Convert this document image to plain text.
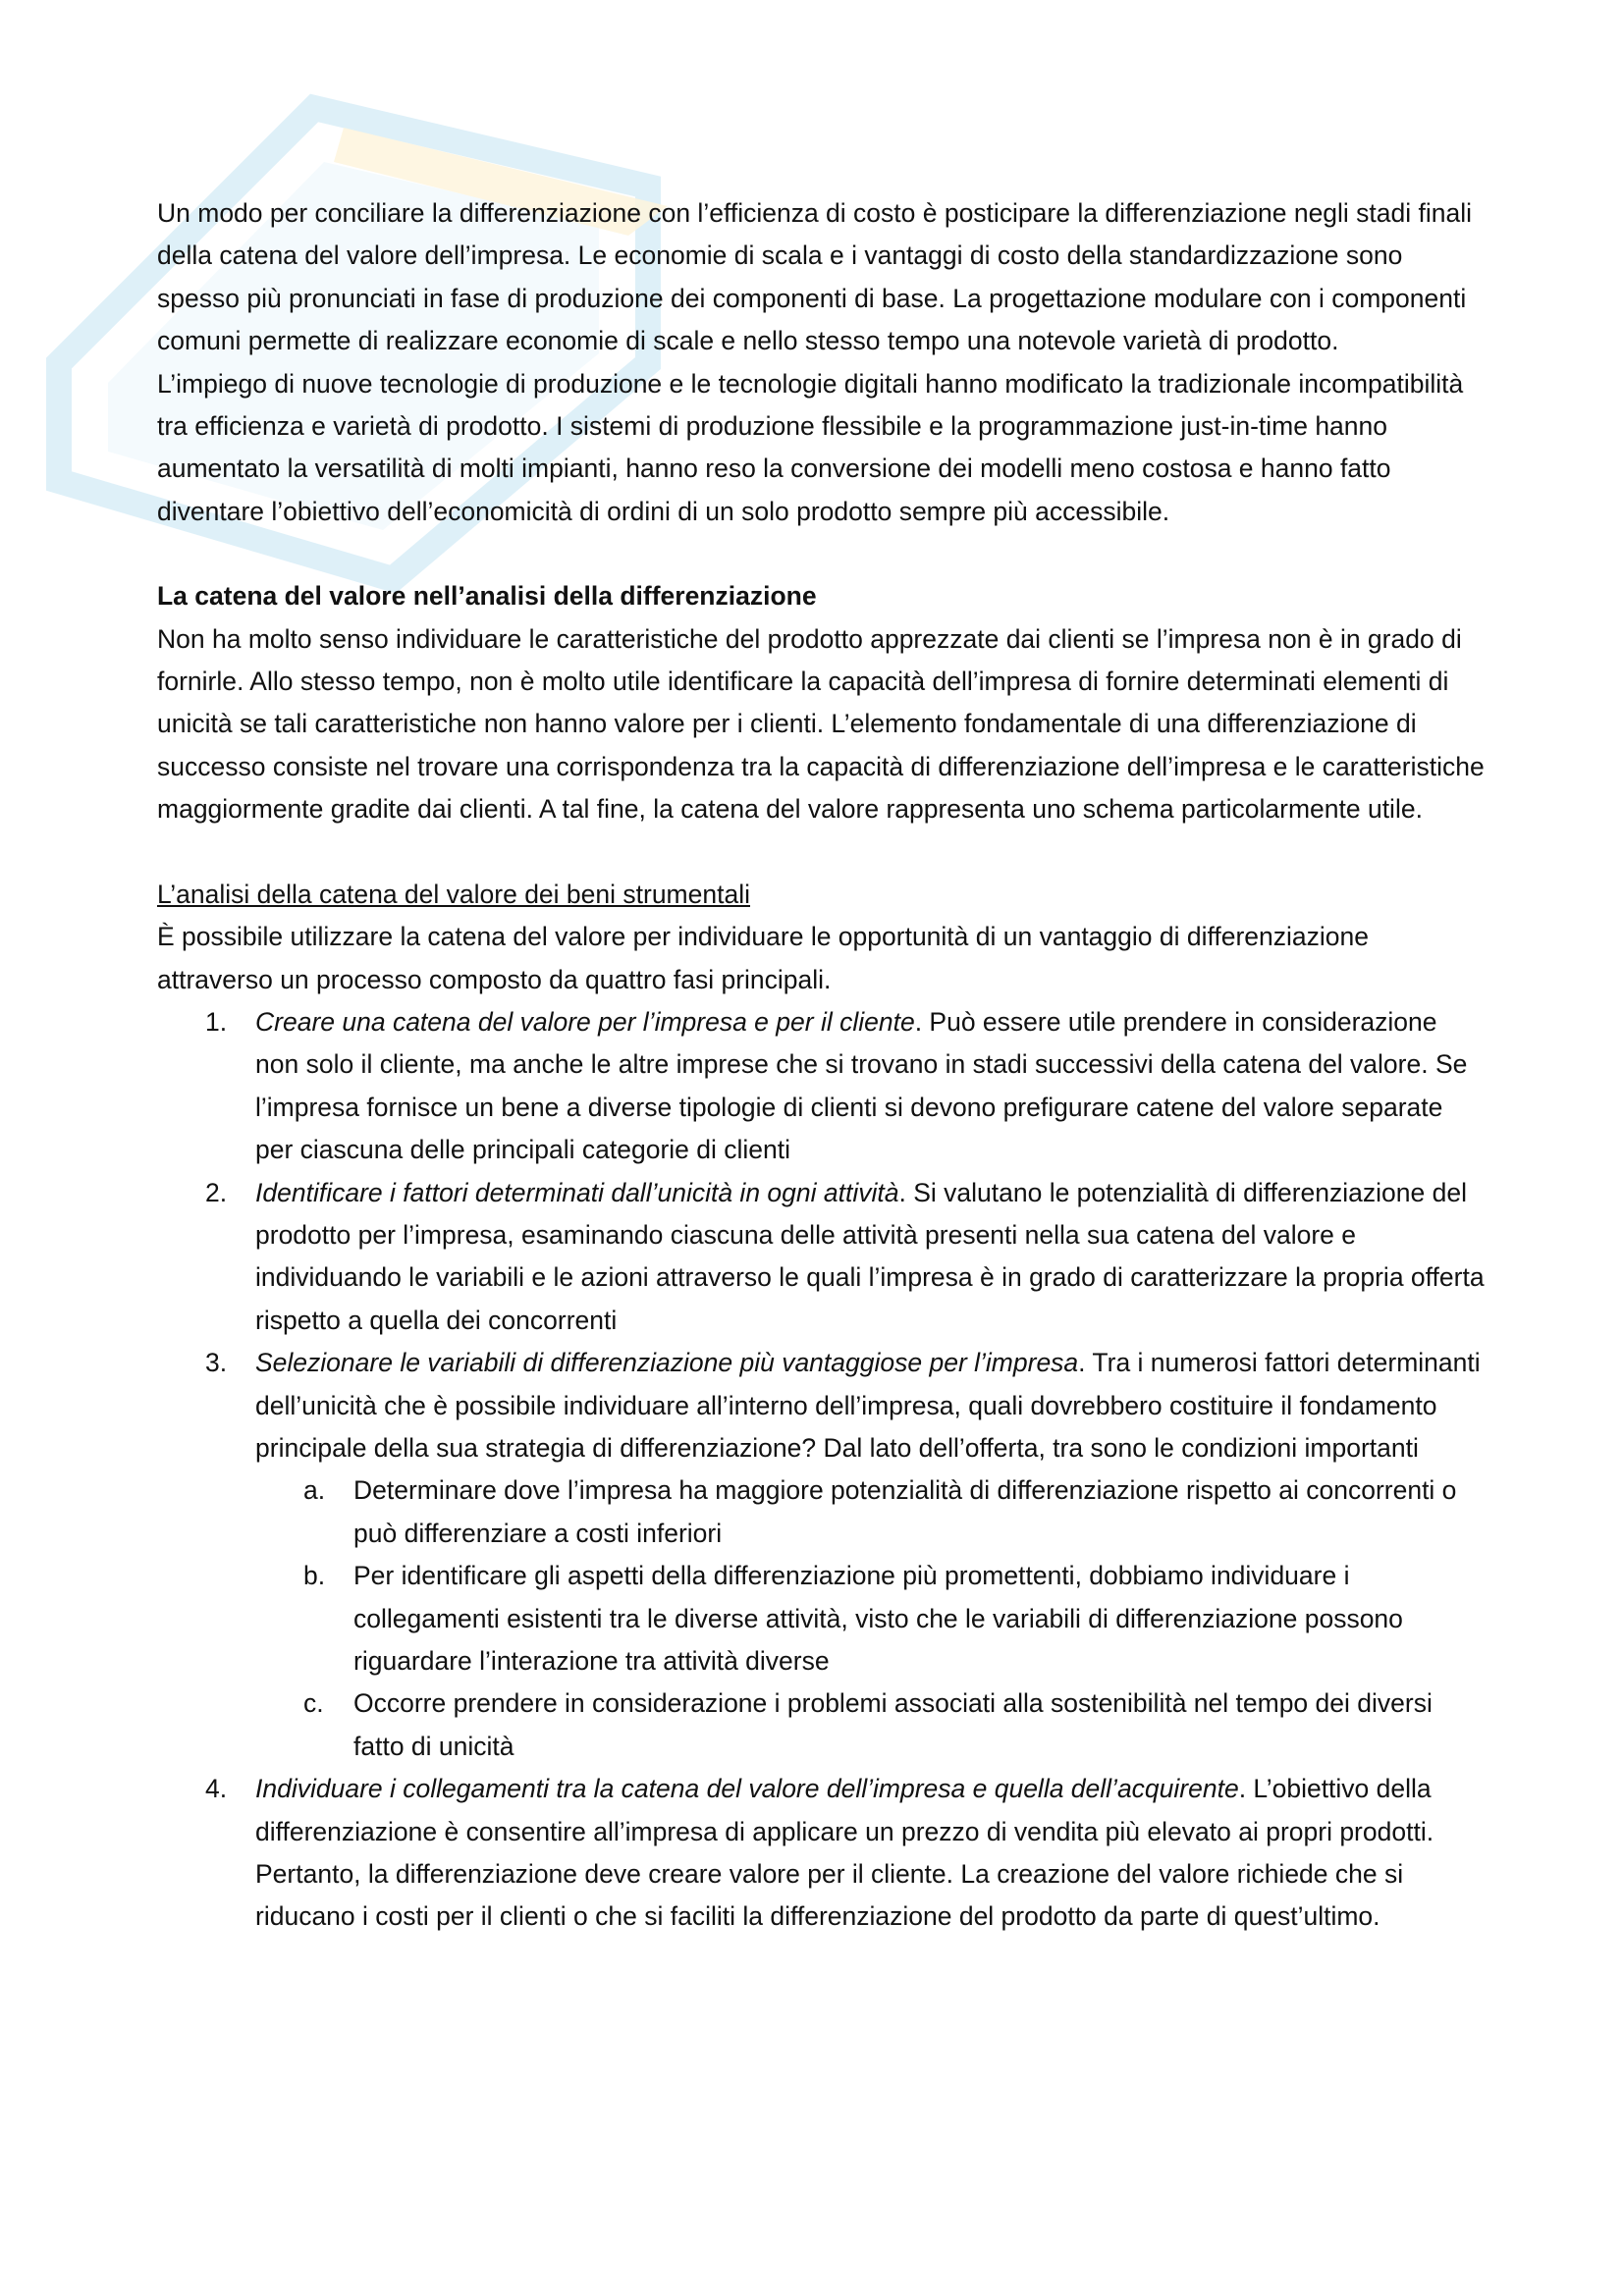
Un modo per conciliare la differenziazione con l’efficienza di costo è posticipare la differenziazione negli stadi finali della catena del valore dell’impresa. Le economie di scala e i vantaggi di costo della standardizzazione sono spesso più pronunciati in fase di produzione dei componenti di base. La progettazione modulare con i componenti comuni permette di realizzare economie di scale e nello stesso tempo una notevole varietà di prodotto.

L’impiego di nuove tecnologie di produzione e le tecnologie digitali hanno modificato la tradizionale incompatibilità tra efficienza e varietà di prodotto. I sistemi di produzione flessibile e la programmazione just-in-time hanno aumentato la versatilità di molti impianti, hanno reso la conversione dei modelli meno costosa e hanno fatto diventare l’obiettivo dell’economicità di ordini di un solo prodotto sempre più accessibile.

La catena del valore nell’analisi della differenziazione

Non ha molto senso individuare le caratteristiche del prodotto apprezzate dai clienti se l’impresa non è in grado di fornirle. Allo stesso tempo, non è molto utile identificare la capacità dell’impresa di fornire determinati elementi di unicità se tali caratteristiche non hanno valore per i clienti. L’elemento fondamentale di una differenziazione di successo consiste nel trovare una corrispondenza tra la capacità di differenziazione dell’impresa e le caratteristiche maggiormente gradite dai clienti. A tal fine, la catena del valore rappresenta uno schema particolarmente utile.

L’analisi della catena del valore dei beni strumentali

È possibile utilizzare la catena del valore per individuare le opportunità di un vantaggio di differenziazione attraverso un processo composto da quattro fasi principali.

1. Creare una catena del valore per l’impresa e per il cliente. Può essere utile prendere in considerazione non solo il cliente, ma anche le altre imprese che si trovano in stadi successivi della catena del valore. Se l’impresa fornisce un bene a diverse tipologie di clienti si devono prefigurare catene del valore separate per ciascuna delle principali categorie di clienti
2. Identificare i fattori determinati dall’unicità in ogni attività. Si valutano le potenzialità di differenziazione del prodotto per l’impresa, esaminando ciascuna delle attività presenti nella sua catena del valore e individuando le variabili e le azioni attraverso le quali l’impresa è in grado di caratterizzare la propria offerta rispetto a quella dei concorrenti
3. Selezionare le variabili di differenziazione più vantaggiose per l’impresa. Tra i numerosi fattori determinanti dell’unicità che è possibile individuare all’interno dell’impresa, quali dovrebbero costituire il fondamento principale della sua strategia di differenziazione? Dal lato dell’offerta, tra sono le condizioni importanti
a. Determinare dove l’impresa ha maggiore potenzialità di differenziazione rispetto ai concorrenti o può differenziare a costi inferiori
b. Per identificare gli aspetti della differenziazione più promettenti, dobbiamo individuare i collegamenti esistenti tra le diverse attività, visto che le variabili di differenziazione possono riguardare l’interazione tra attività diverse
c. Occorre prendere in considerazione i problemi associati alla sostenibilità nel tempo dei diversi fatto di unicità
4. Individuare i collegamenti tra la catena del valore dell’impresa e quella dell’acquirente. L’obiettivo della differenziazione è consentire all’impresa di applicare un prezzo di vendita più elevato ai propri prodotti. Pertanto, la differenziazione deve creare valore per il cliente. La creazione del valore richiede che si riducano i costi per il clienti o che si faciliti la differenziazione del prodotto da parte di quest’ultimo.
